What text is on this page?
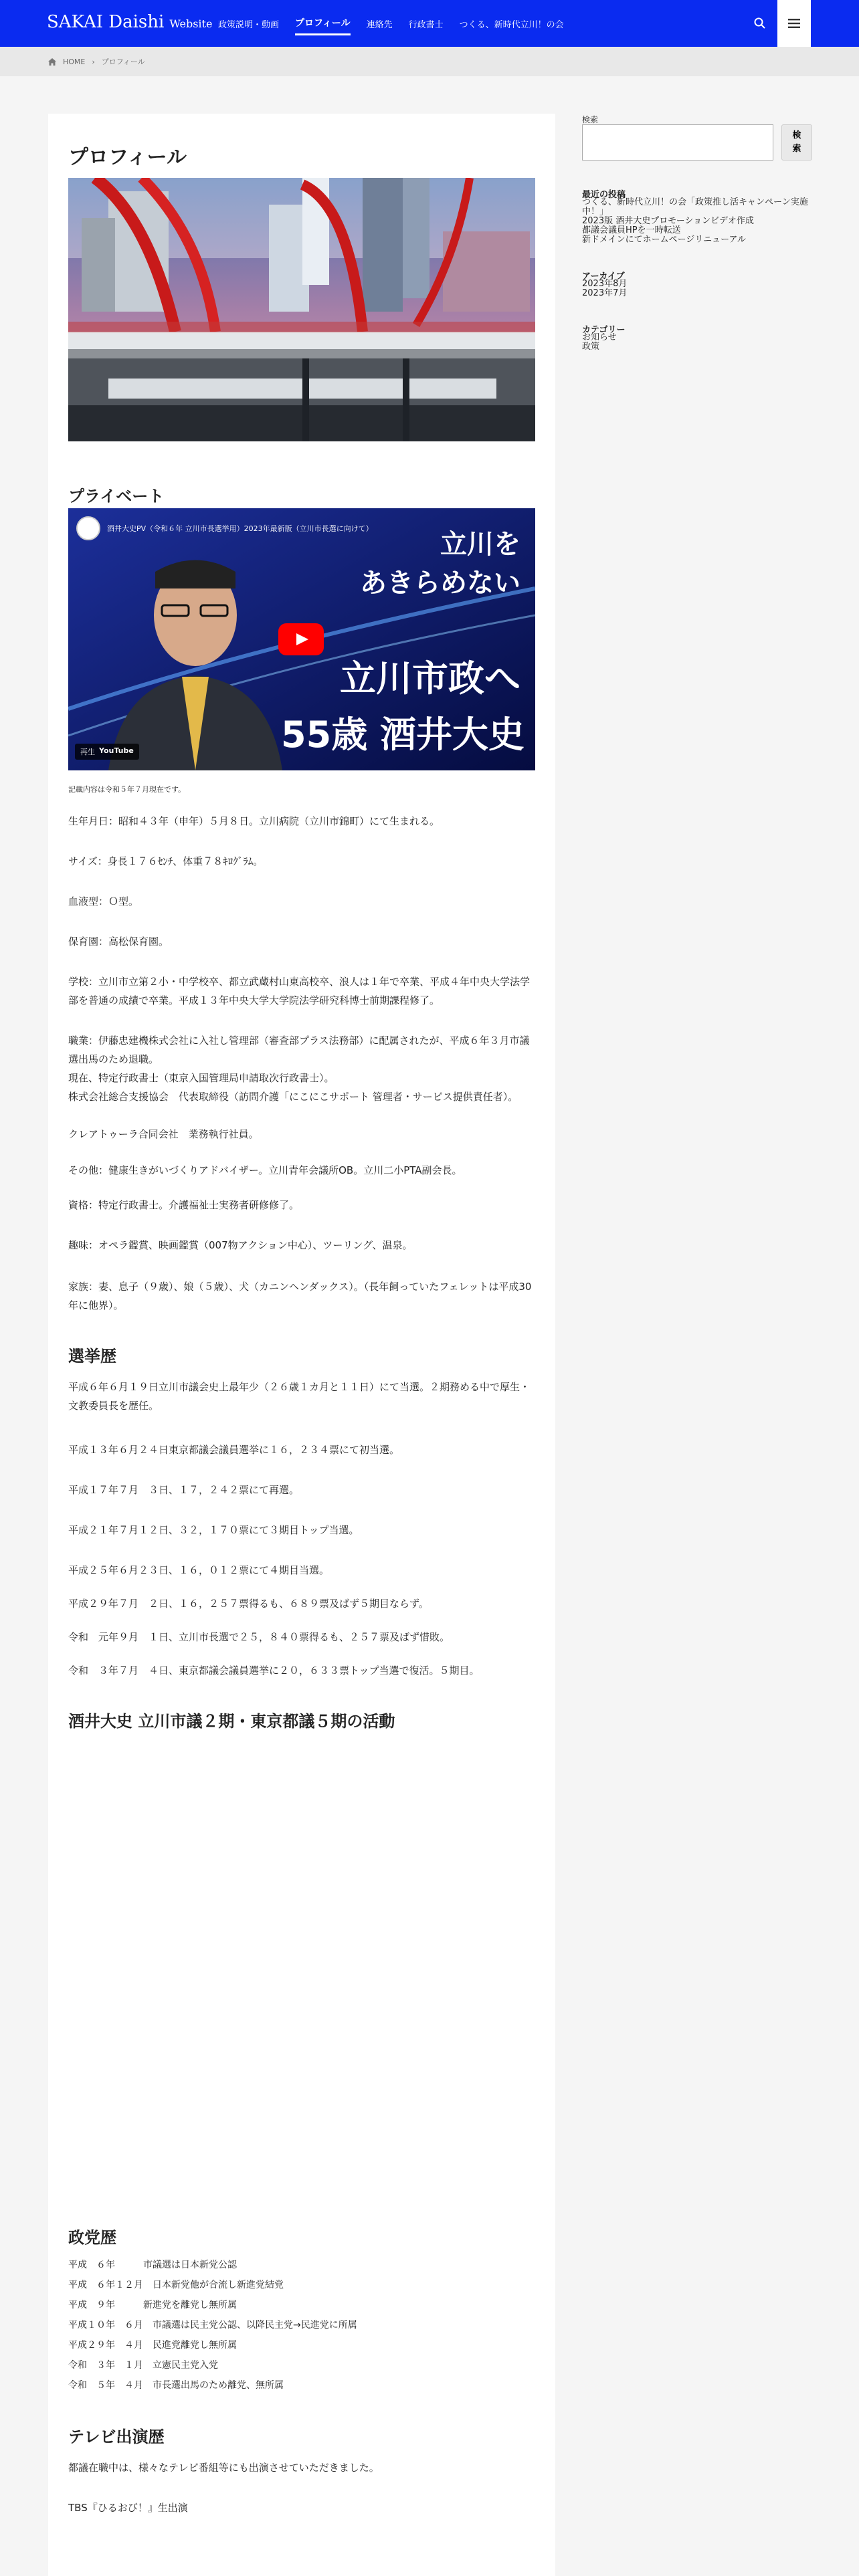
SAKAI Daishi Website 政策説明・動画 プロフィール 連絡先 行政書士 つくる、新時代立川！の会
HOME › プロフィール
プロフィール
プライベート
酒井大史PV（令和６年 立川市長選挙用）2023年最新版（立川市長選に向けて）
立川を
あきらめない
立川市政へ
55歳 酒井大史
再生 YouTube

記載内容は令和５年７月現在です。

生年月日：昭和４３年（申年）５月８日。立川病院（立川市錦町）にて生まれる。

サイズ：身長１７６ｾﾝﾁ、体重７８ｷﾛｸﾞﾗﾑ。

血液型：Ｏ型。

保育園：高松保育園。

学校：立川市立第２小・中学校卒、都立武蔵村山東高校卒、浪人は１年で卒業、平成４年中央大学法学部を普通の成績で卒業。平成１３年中央大学大学院法学研究科博士前期課程修了。

職業：伊藤忠建機株式会社に入社し管理部（審査部プラス法務部）に配属されたが、平成６年３月市議選出馬のため退職。

現在、特定行政書士（東京入国管理局申請取次行政書士）。

株式会社総合支援協会　代表取締役（訪問介護「にこにこサポート 管理者・サービス提供責任者）。

クレアトゥーラ合同会社　業務執行社員。

その他：健康生きがいづくりアドバイザー。立川青年会議所OB。立川二小PTA副会長。

資格：特定行政書士。介護福祉士実務者研修修了。

趣味：オペラ鑑賞、映画鑑賞（007物アクション中心）、ツーリング、温泉。

家族：妻、息子（９歳）、娘（５歳）、犬（カニンヘンダックス）。（長年飼っていたフェレットは平成30年に他界）。

選挙歴

平成６年６月１９日立川市議会史上最年少（２６歳１カ月と１１日）にて当選。２期務める中で厚生・文教委員長を歴任。

平成１３年６月２４日東京都議会議員選挙に１６，２３４票にて初当選。

平成１７年７月　３日、１７，２４２票にて再選。

平成２１年７月１２日、３２，１７０票にて３期目トップ当選。

平成２５年６月２３日、１６，０１２票にて４期目当選。

平成２９年７月　２日、１６，２５７票得るも、６８９票及ばず５期目ならず。

令和　元年９月　１日、立川市長選で２５，８４０票得るも、２５７票及ばず惜敗。

令和　３年７月　４日、東京都議会議員選挙に２０，６３３票トップ当選で復活。５期目。

酒井大史 立川市議２期・東京都議５期の活動
政党歴
平成　６年　　　市議選は日本新党公認
平成　６年１２月　日本新党他が合流し新進党結党
平成　９年　　　新進党を離党し無所属
平成１０年　６月　市議選は民主党公認、以降民主党→民進党に所属
平成２９年　４月　民進党離党し無所属
令和　３年　１月　立憲民主党入党
令和　５年　４月　市長選出馬のため離党、無所属
テレビ出演歴

都議在職中は、様々なテレビ番組等にも出演させていただきました。

TBS『ひるおび！』生出演

検索
検索
最近の投稿
つくる、新時代立川！の会「政策推し活キャンペーン実施中！」
2023版 酒井大史プロモーションビデオ作成
都議会議員HPを一時転送
新ドメインにてホームページリニューアル
アーカイブ
2023年8月
2023年7月
カテゴリー
お知らせ
政策
